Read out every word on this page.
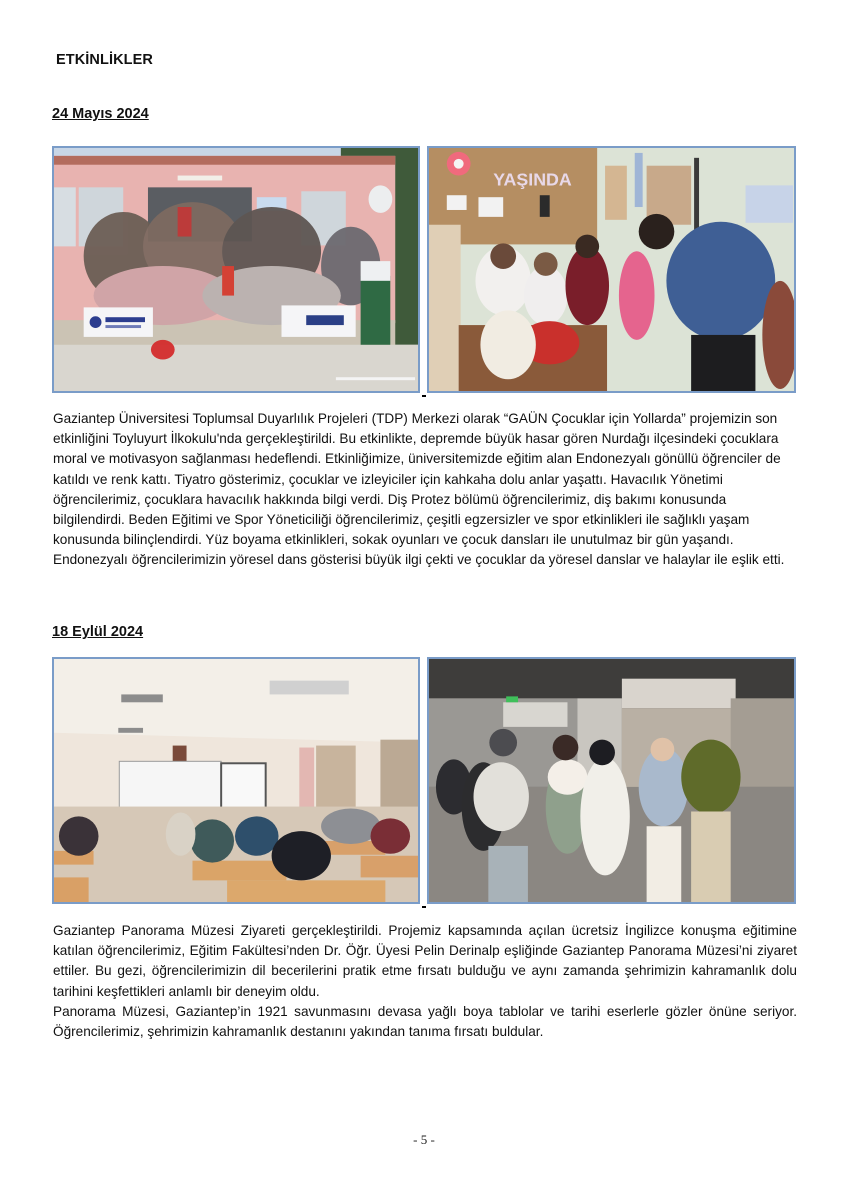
ETKİNLİKLER
24 Mayıs 2024
YAŞINDA

Gaziantep Üniversitesi Toplumsal Duyarlılık Projeleri (TDP) Merkezi olarak “GAÜN Çocuklar için Yollarda” projemizin son etkinliğini Toyluyurt İlkokulu'nda gerçekleştirildi. Bu etkinlikte, depremde büyük hasar gören Nurdağı ilçesindeki çocuklara moral ve motivasyon sağlanması hedeflendi. Etkinliğimize, üniversitemizde eğitim alan Endonezyalı gönüllü öğrenciler de katıldı ve renk kattı. Tiyatro gösterimiz, çocuklar ve izleyiciler için kahkaha dolu anlar yaşattı. Havacılık Yönetimi öğrencilerimiz, çocuklara havacılık hakkında bilgi verdi. Diş Protez bölümü öğrencilerimiz, diş bakımı konusunda bilgilendirdi. Beden Eğitimi ve Spor Yöneticiliği öğrencilerimiz, çeşitli egzersizler ve spor etkinlikleri ile sağlıklı yaşam konusunda bilinçlendirdi. Yüz boyama etkinlikleri, sokak oyunları ve çocuk dansları ile unutulmaz bir gün yaşandı. Endonezyalı öğrencilerimizin yöresel dans gösterisi büyük ilgi çekti ve çocuklar da yöresel danslar ve halaylar ile eşlik etti.

18 Eylül 2024

Gaziantep Panorama Müzesi Ziyareti gerçekleştirildi. Projemiz kapsamında açılan ücretsiz İngilizce konuşma eğitimine katılan öğrencilerimiz, Eğitim Fakültesi’nden Dr. Öğr. Üyesi Pelin Derinalp eşliğinde Gaziantep Panorama Müzesi’ni ziyaret ettiler. Bu gezi, öğrencilerimizin dil becerilerini pratik etme fırsatı bulduğu ve aynı zamanda şehrimizin kahramanlık dolu tarihini keşfettikleri anlamlı bir deneyim oldu.

Panorama Müzesi, Gaziantep’in 1921 savunmasını devasa yağlı boya tablolar ve tarihi eserlerle gözler önüne seriyor. Öğrencilerimiz, şehrimizin kahramanlık destanını yakından tanıma fırsatı buldular.

- 5 -
